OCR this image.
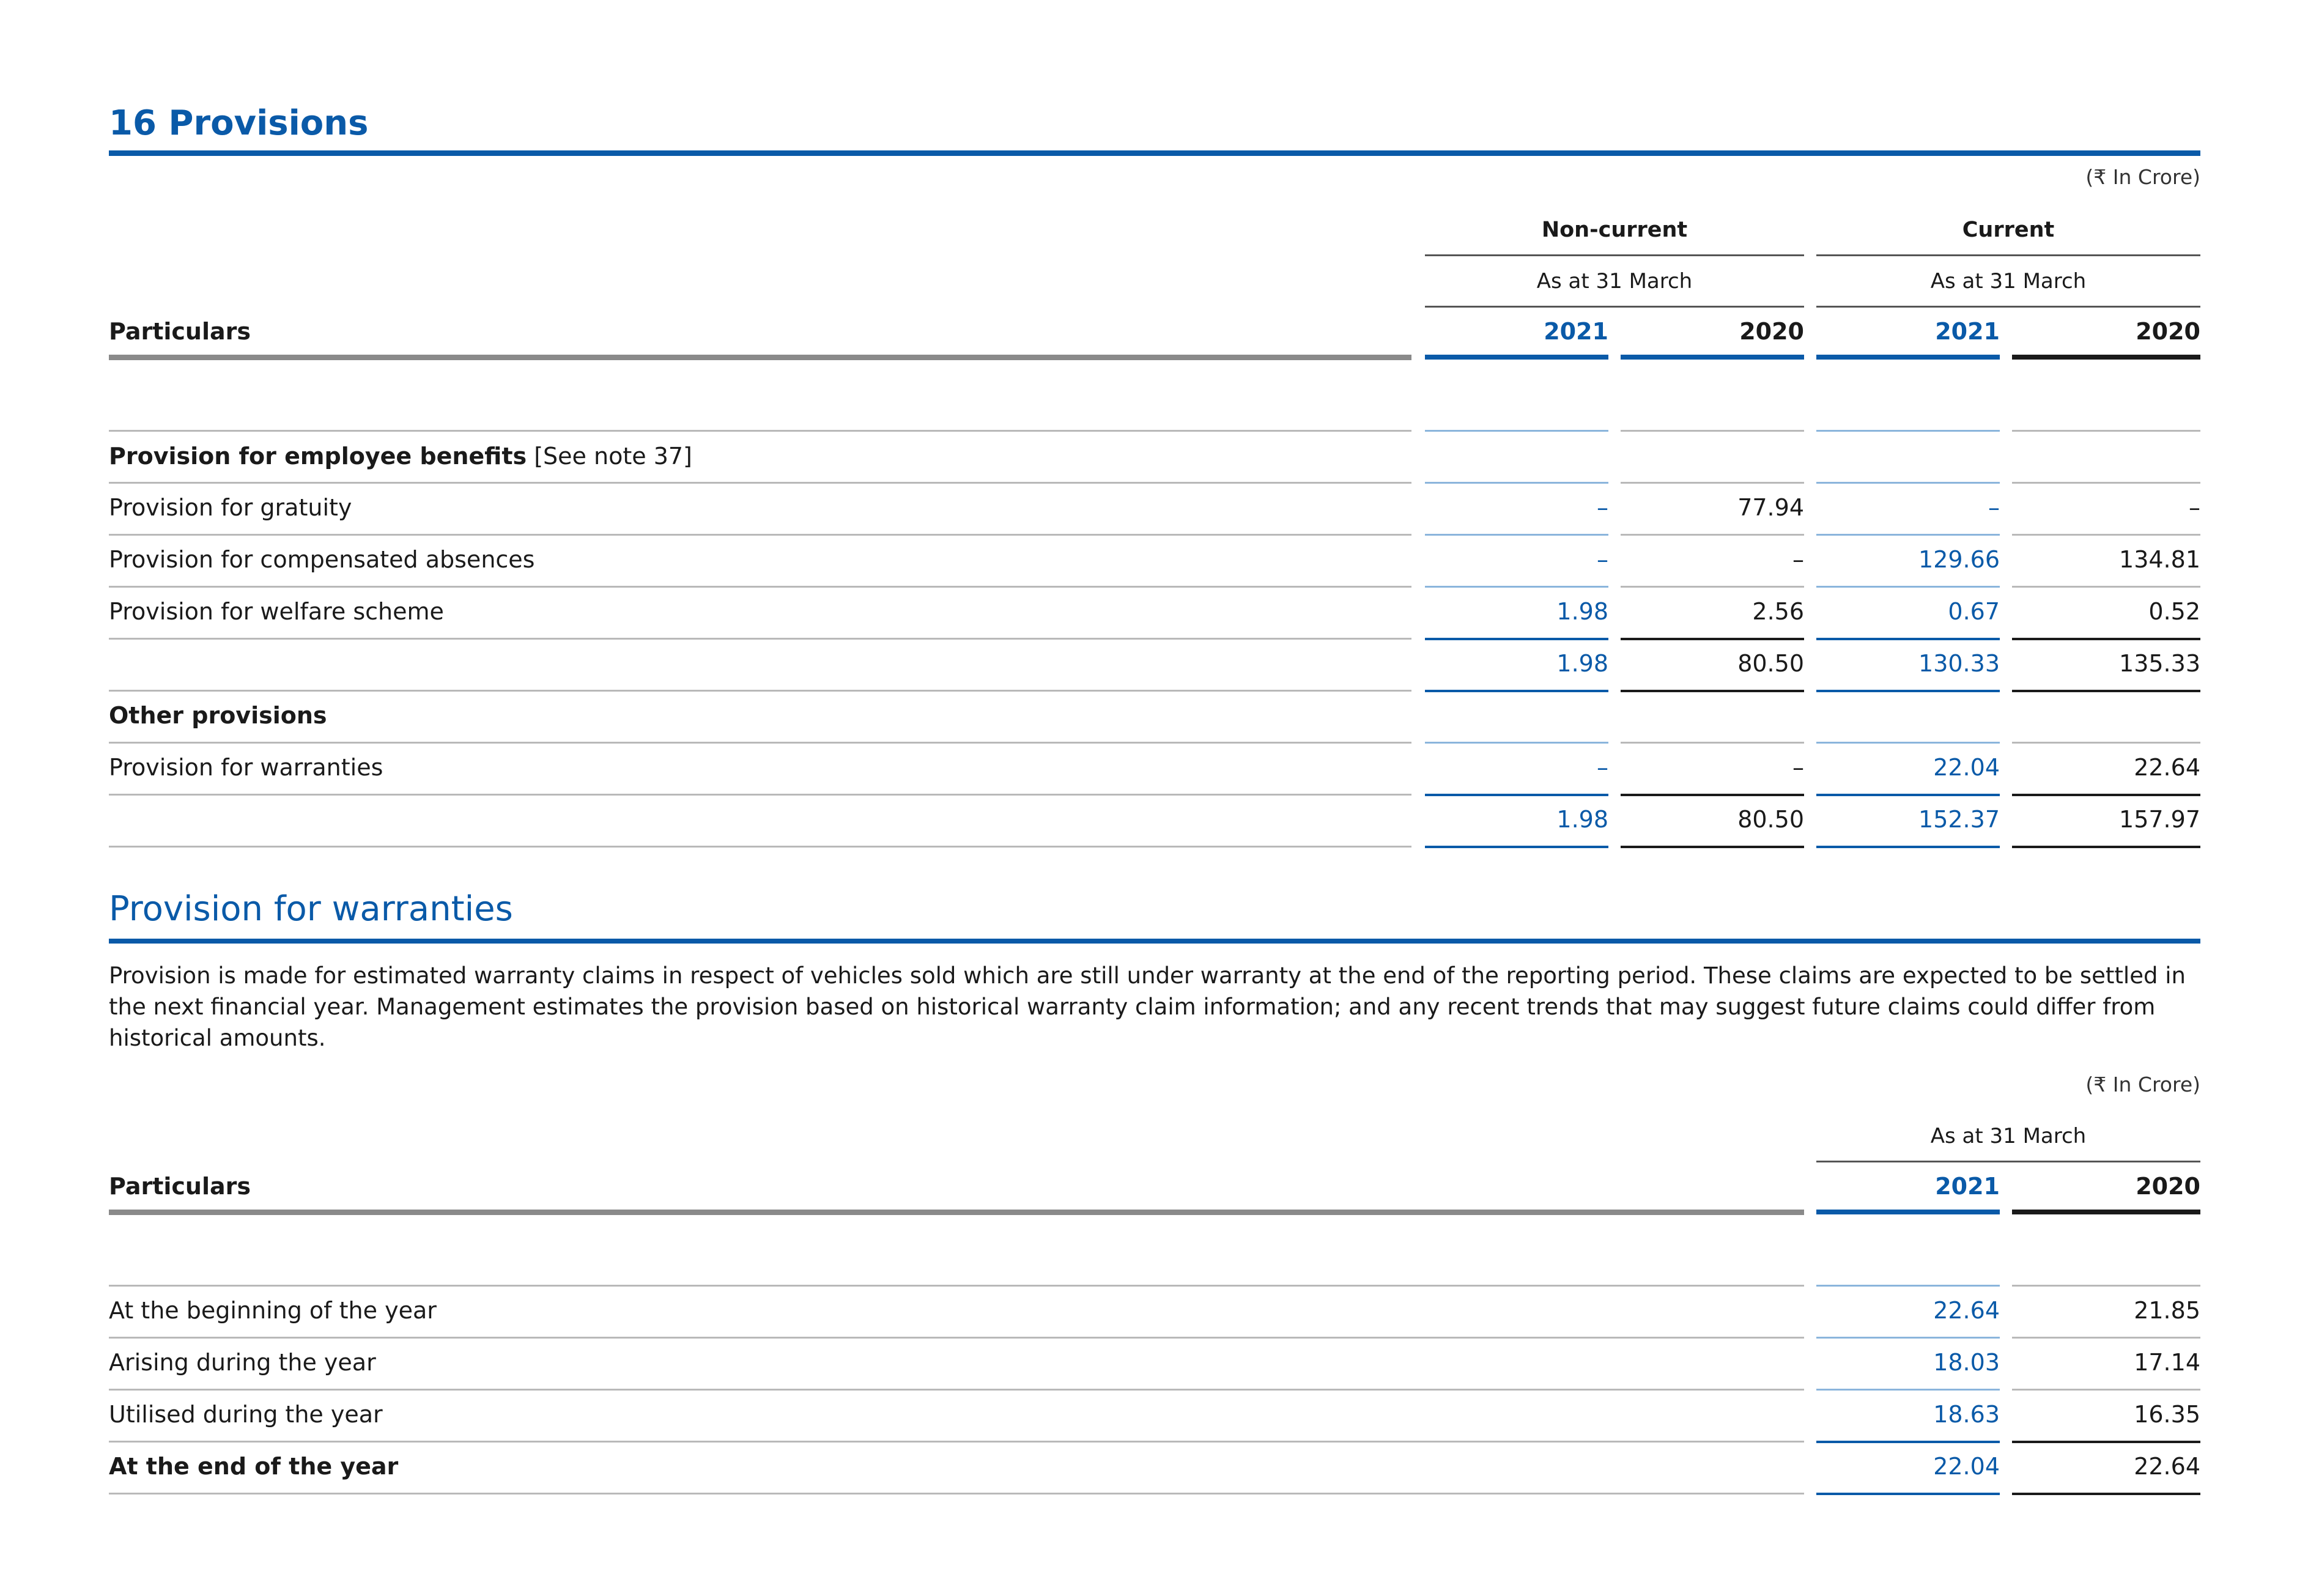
16 Provisions
(₹ In Crore)
Non-current	Current
As at 31 March	As at 31 March
Particulars	2021	2020	2021	2020
Provision for employee benefits [See note 37]
Provision for gratuity	–	77.94	–	–
Provision for compensated absences	–	–	129.66	134.81
Provision for welfare scheme	1.98	2.56	0.67	0.52
1.98	80.50	130.33	135.33
Other provisions
Provision for warranties	–	–	22.04	22.64
1.98	80.50	152.37	157.97
Provision for warranties
Provision is made for estimated warranty claims in respect of vehicles sold which are still under warranty at the end of the reporting period. These claims are expected to be settled in the next financial year. Management estimates the provision based on historical warranty claim information; and any recent trends that may suggest future claims could differ from historical amounts.
(₹ In Crore)
As at 31 March
Particulars	2021	2020
At the beginning of the year	22.64	21.85
Arising during the year	18.03	17.14
Utilised during the year	18.63	16.35
At the end of the year	22.04	22.64
